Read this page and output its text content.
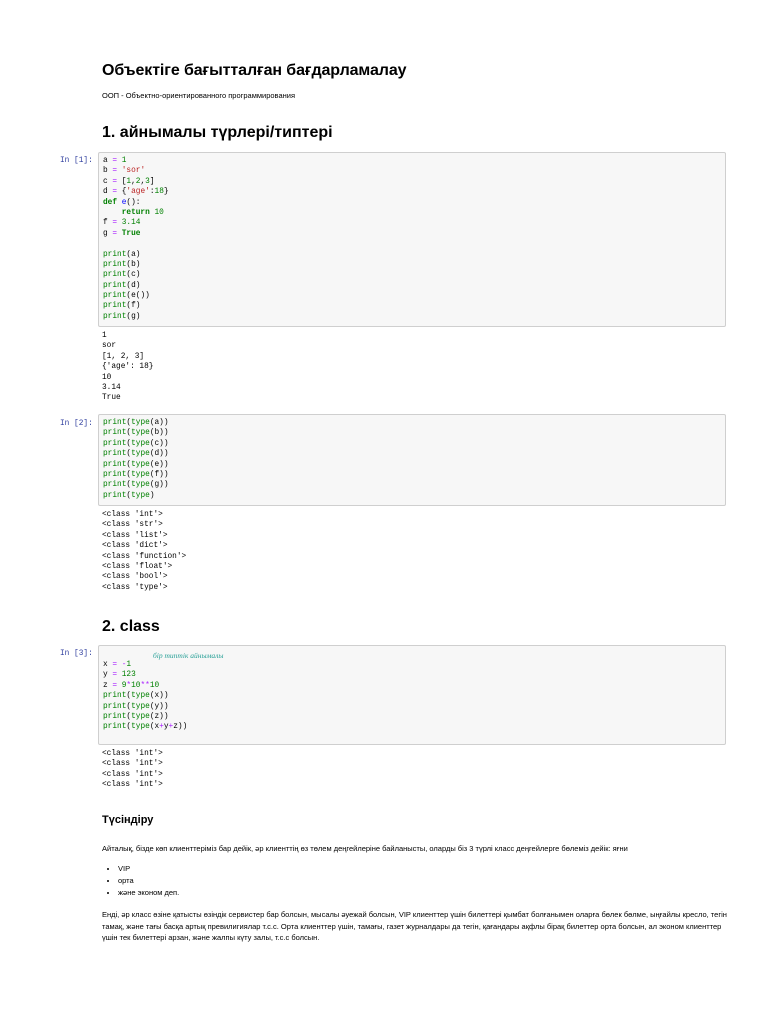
Объектіге бағытталған бағдарламалау

ООП - Объектно-ориентированного программирования

1. айнымалы түрлері/типтері
In [1]: a = 1
b = 'sor'
c = [1,2,3]
d = {'age':18}
def e():
return 10
f = 3.14
g = True
print(a)
print(b)
print(c)
print(d)
print(e())
print(f)
print(g)
1
sor
[1, 2, 3]
{'age': 18}
10
3.14
True
In [2]: print(type(a))
print(type(b))
print(type(c))
print(type(d))
print(type(e))
print(type(f))
print(type(g))
print(type)
<class 'int'>
<class 'str'>
<class 'list'>
<class 'dict'>
<class 'function'>
<class 'float'>
<class 'bool'>
<class 'type'>
2. class
In [3]:
x = -1
y = 123
z = 9*10**10
print(type(x))
print(type(y))
print(type(z))
print(type(x+y+z))
бір типтік айнымалы
<class 'int'>
<class 'int'>
<class 'int'>
<class 'int'>
Түсіндіру

Айталық, бізде көп клиенттеріміз бар дейік, әр клиенттің өз төлем деңгейлеріне байланысты, оларды біз 3 түрлі класс деңгейлерге бөлеміз дейік: яғни

• VIP
• орта
• және эконом деп.

Енді, әр класс өзіне қатысты өзіндік сервистер бар болсын, мысалы әуежай болсын, VIP клиенттер үшін билеттері қымбат болғанымен оларға бөлек бөлме, ыңғайлы кресло, тегін тамақ, және тағы басқа артық превилигиялар т.с.с. Орта клиенттер үшін, тамағы, газет журналдары да тегін, қағандары ақфлы бірақ билеттер орта болсын, ал эконом клиенттер үшін тек билеттері арзан, және жалпы күту залы, т.с.с болсын.
